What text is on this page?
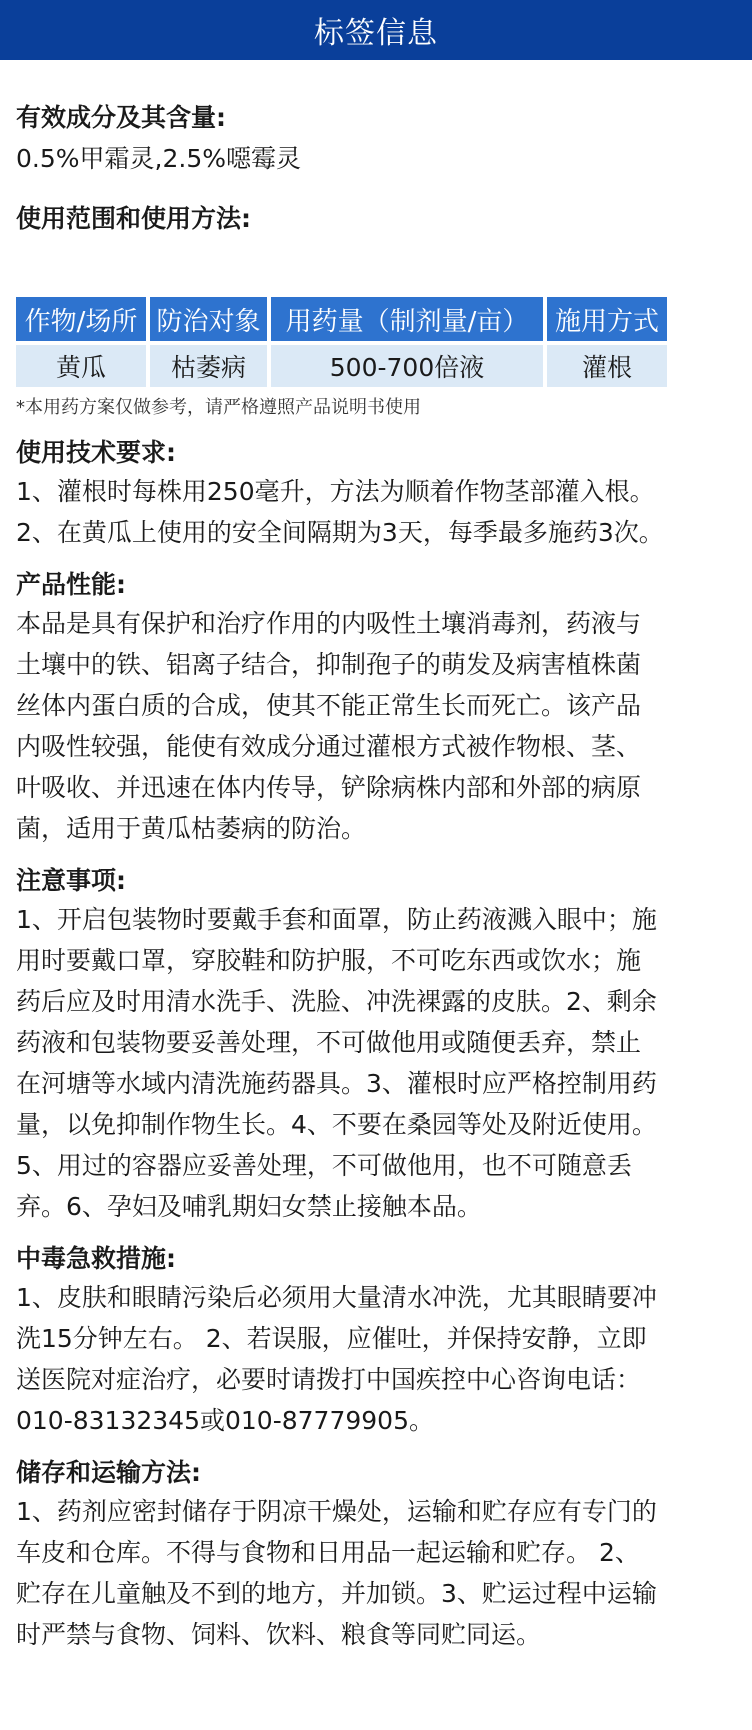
标签信息
有效成分及其含量:
0.5%甲霜灵,2.5%噁霉灵
使用范围和使用方法:
作物/场所	防治对象	用药量（制剂量/亩）	施用方式
黄瓜	枯萎病	500-700倍液	灌根
*本用药方案仅做参考，请严格遵照产品说明书使用
使用技术要求:
1、灌根时每株用250毫升，方法为顺着作物茎部灌入根。
2、在黄瓜上使用的安全间隔期为3天，每季最多施药3次。
产品性能:
本品是具有保护和治疗作用的内吸性土壤消毒剂，药液与
土壤中的铁、铝离子结合，抑制孢子的萌发及病害植株菌
丝体内蛋白质的合成，使其不能正常生长而死亡。该产品
内吸性较强，能使有效成分通过灌根方式被作物根、茎、
叶吸收、并迅速在体内传导，铲除病株内部和外部的病原
菌，适用于黄瓜枯萎病的防治。
注意事项:
1、开启包装物时要戴手套和面罩，防止药液溅入眼中；施
用时要戴口罩，穿胶鞋和防护服，不可吃东西或饮水；施
药后应及时用清水洗手、洗脸、冲洗裸露的皮肤。2、剩余
药液和包装物要妥善处理，不可做他用或随便丢弃，禁止
在河塘等水域内清洗施药器具。3、灌根时应严格控制用药
量，以免抑制作物生长。4、不要在桑园等处及附近使用。
5、用过的容器应妥善处理，不可做他用，也不可随意丢
弃。6、孕妇及哺乳期妇女禁止接触本品。
中毒急救措施:
1、皮肤和眼睛污染后必须用大量清水冲洗，尤其眼睛要冲
洗15分钟左右。 2、若误服，应催吐，并保持安静，立即
送医院对症治疗，必要时请拨打中国疾控中心咨询电话：
010-83132345或010-87779905。
储存和运输方法:
1、药剂应密封储存于阴凉干燥处，运输和贮存应有专门的
车皮和仓库。不得与食物和日用品一起运输和贮存。 2、
贮存在儿童触及不到的地方，并加锁。3、贮运过程中运输
时严禁与食物、饲料、饮料、粮食等同贮同运。
